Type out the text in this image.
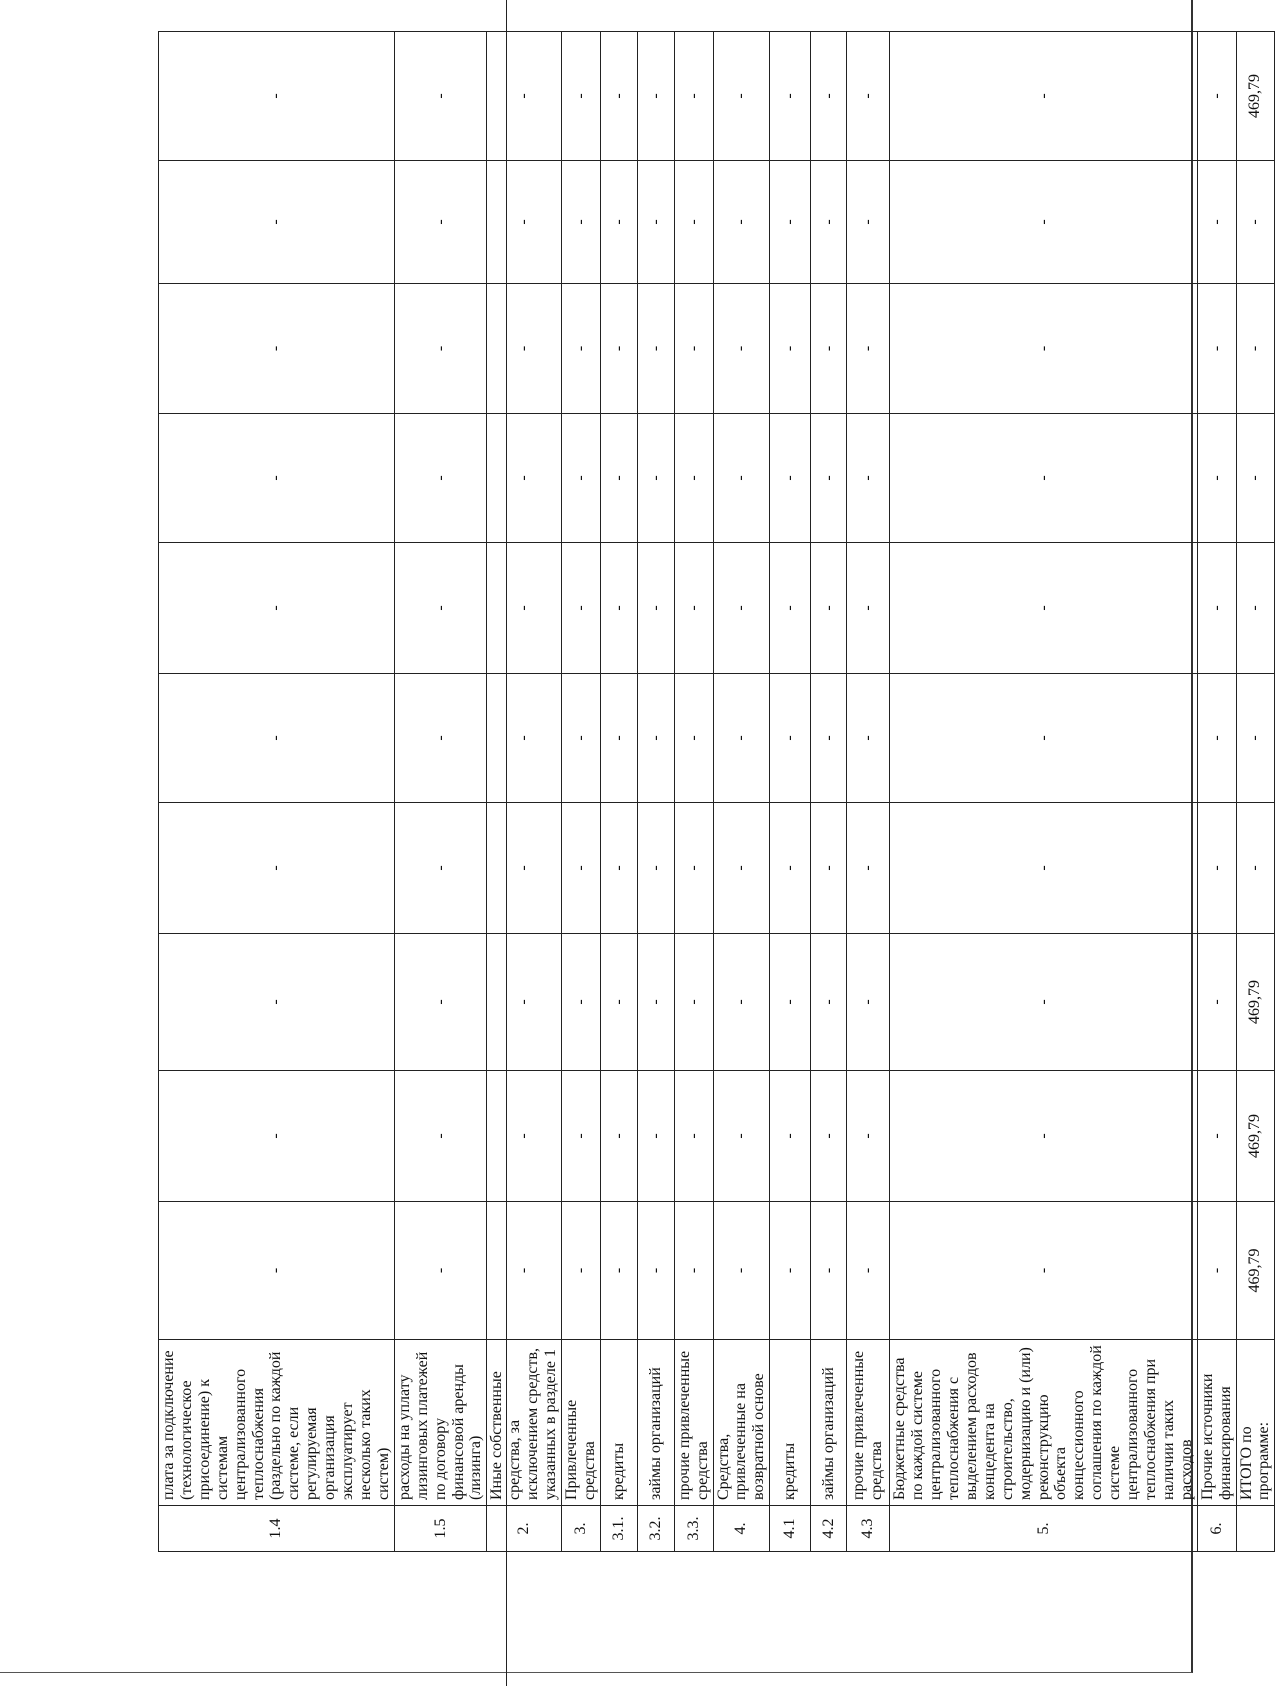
1.4	плата за подключение (технологическое присоединение) к системам централизованного теплоснабжения (раздельно по каждой системе, если регулируемая организация эксплуатирует несколько таких систем)	-	-	-	-	-	-	-	-	-	-
1.5	расходы на уплату лизинговых платежей по договору финансовой аренды (лизинга)	-	-	-	-	-	-	-	-	-	-
2.	Иные собственные средства, за исключением средств, указанных в разделе 1	-	-	-	-	-	-	-	-	-	-
3.	Привлеченные средства	-	-	-	-	-	-	-	-	-	-
3.1.	кредиты	-	-	-	-	-	-	-	-	-	-
3.2.	займы организаций	-	-	-	-	-	-	-	-	-	-
3.3.	прочие привлеченные средства	-	-	-	-	-	-	-	-	-	-
4.	Средства, привлеченные на возвратной основе	-	-	-	-	-	-	-	-	-	-
4.1	кредиты	-	-	-	-	-	-	-	-	-	-
4.2	займы организаций	-	-	-	-	-	-	-	-	-	-
4.3	прочие привлеченные средства	-	-	-	-	-	-	-	-	-	-
5.	Бюджетные средства по каждой системе централизованного теплоснабжения с выделением расходов концедента на строительство, модернизацию и (или) реконструкцию объекта концессионного соглашения по каждой системе централизованного теплоснабжения при наличии таких расходов	-	-	-	-	-	-	-	-	-	-
6.	Прочие источники финансирования	-	-	-	-	-	-	-	-	-	-
	ИТОГО по программе:	469,79	469,79	469,79	-	-	-	-	-	-	469,79
